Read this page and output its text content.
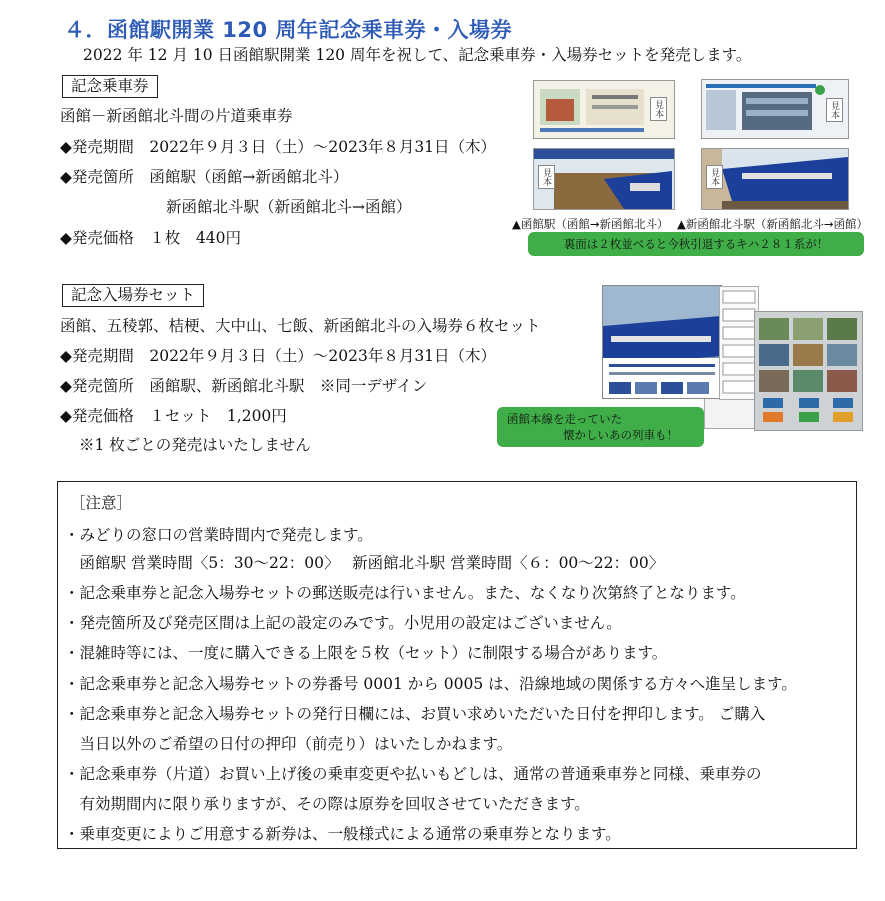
４．函館駅開業 120 周年記念乗車券・入場券
2022 年 12 月 10 日函館駅開業 120 周年を祝して、記念乗車券・入場券セットを発売します。
記念乗車券
函館－新函館北斗間の片道乗車券
◆発売期間　2022年９月３日（土）～2023年８月31日（木）
◆発売箇所　函館駅（函館→新函館北斗）
新函館北斗駅（新函館北斗→函館）
◆発売価格　１枚　440円
見本	見本
見本	見本
▲函館駅（函館→新函館北斗） ▲新函館北斗駅（新函館北斗→函館）
裏面は２枚並べると今秋引退するキハ２８１系が！
記念入場券セット
函館、五稜郭、桔梗、大中山、七飯、新函館北斗の入場券６枚セット
◆発売期間　2022年９月３日（土）～2023年８月31日（木）
◆発売箇所　函館駅、新函館北斗駅　※同一デザイン
◆発売価格　１セット　1,200円
※1 枚ごとの発売はいたしません
函館本線を走っていた
懐かしいあの列車も！
［注意］
・みどりの窓口の営業時間内で発売します。
　函館駅 営業時間〈5：30～22：00〉　 新函館北斗駅 営業時間〈６：00～22：00〉
・記念乗車券と記念入場券セットの郵送販売は行いません。また、なくなり次第終了となります。
・発売箇所及び発売区間は上記の設定のみです。小児用の設定はございません。
・混雑時等には、一度に購入できる上限を５枚（セット）に制限する場合があります。
・記念乗車券と記念入場券セットの券番号 0001 から 0005 は、沿線地域の関係する方々へ進呈します。
・記念乗車券と記念入場券セットの発行日欄には、お買い求めいただいた日付を押印します。 ご購入
　当日以外のご希望の日付の押印（前売り）はいたしかねます。
・記念乗車券（片道）お買い上げ後の乗車変更や払いもどしは、通常の普通乗車券と同様、乗車券の
　有効期間内に限り承りますが、その際は原券を回収させていただきます。
・乗車変更によりご用意する新券は、一般様式による通常の乗車券となります。
